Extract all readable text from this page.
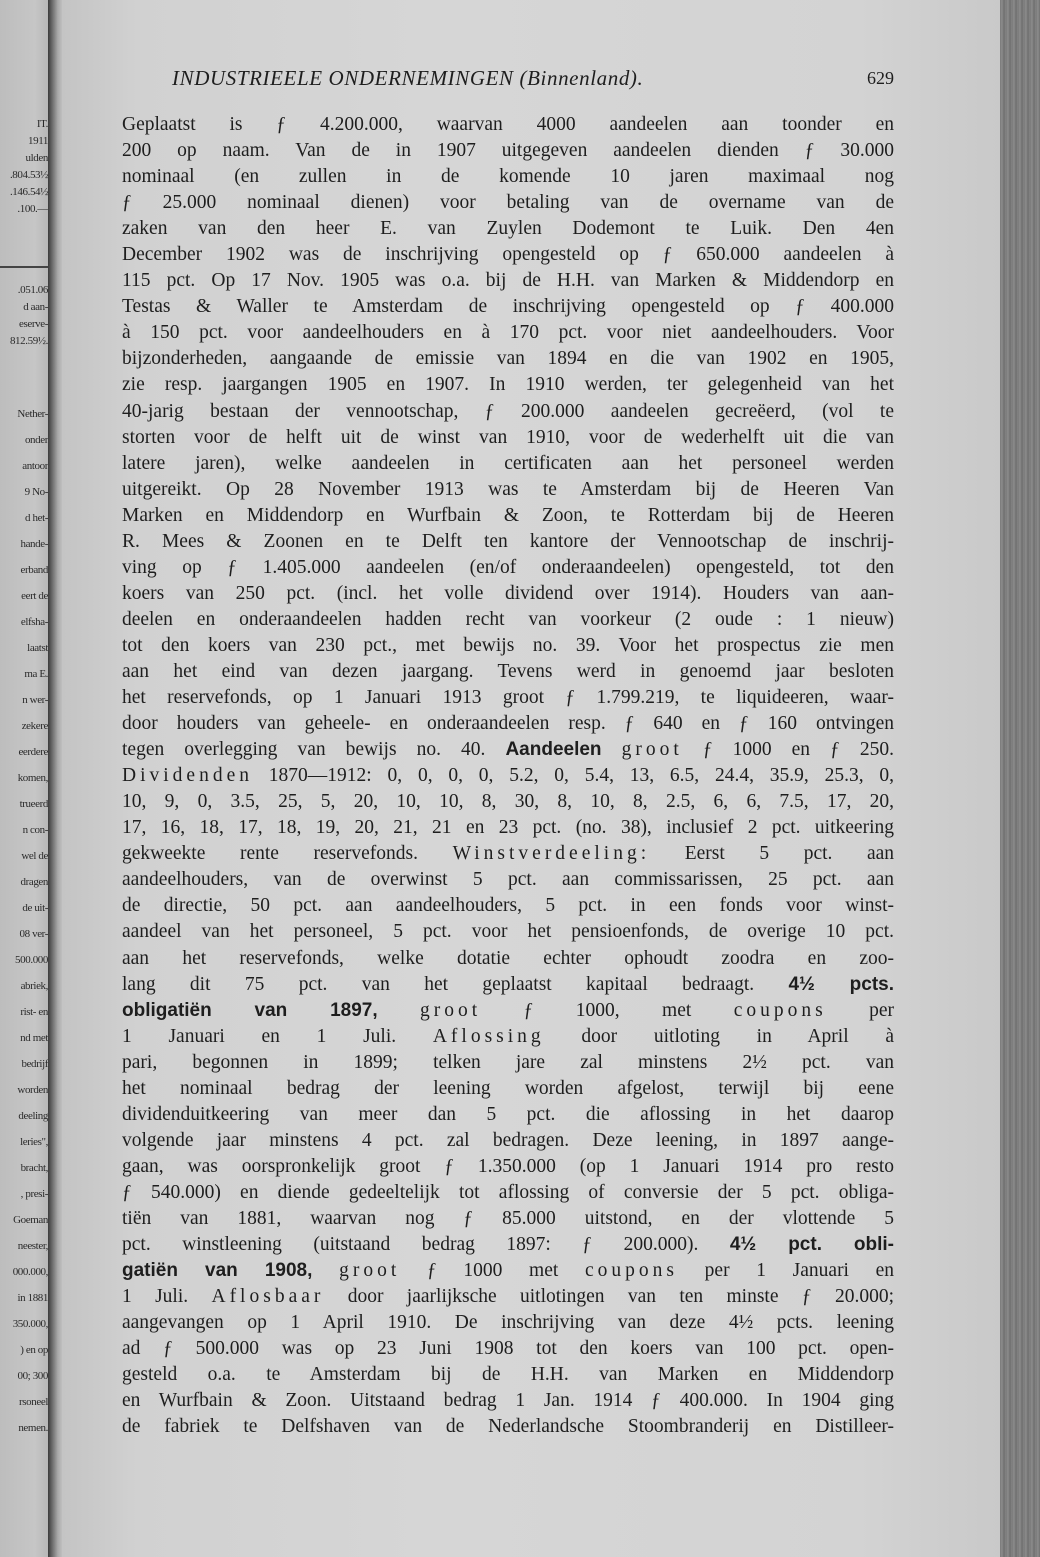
IT.
1911
ulden
.804.53½
.146.54½
.100.—
.051.06
d aan-
eserve-
812.59½.
Nether-
onder
antoor
9 No-
d het-
hande-
erband
eert de
elfsha-
laatst
ma E.
n wer-
zekere
eerdere
komen,
trueerd
n con-
wel de
dragen
de uit-
08 ver-
500.000
abriek,
rist- en
nd met
bedrijf
worden
deeling
leries",
bracht,
, presi-
Goeman
neester,
000.000,
in 1881
350.000,
) en op
00; 300
rsoneel
nemen.
INDUSTRIEELE ONDERNEMINGEN (Binnenland).	629
Geplaatst is ƒ 4.200.000, waarvan 4000 aandeelen aan toonder en
200 op naam. Van de in 1907 uitgegeven aandeelen dienden ƒ 30.000
nominaal (en zullen in de komende 10 jaren maximaal nog
ƒ 25.000 nominaal dienen) voor betaling van de overname van de
zaken van den heer E. van Zuylen Dodemont te Luik. Den 4en
December 1902 was de inschrijving opengesteld op ƒ 650.000 aandeelen à
115 pct. Op 17 Nov. 1905 was o.a. bij de H.H. van Marken & Middendorp en
Testas & Waller te Amsterdam de inschrijving opengesteld op ƒ 400.000
à 150 pct. voor aandeelhouders en à 170 pct. voor niet aandeelhouders. Voor
bijzonderheden, aangaande de emissie van 1894 en die van 1902 en 1905,
zie resp. jaargangen 1905 en 1907. In 1910 werden, ter gelegenheid van het
40-jarig bestaan der vennootschap, ƒ 200.000 aandeelen gecreëerd, (vol te
storten voor de helft uit de winst van 1910, voor de wederhelft uit die van
latere jaren), welke aandeelen in certificaten aan het personeel werden
uitgereikt. Op 28 November 1913 was te Amsterdam bij de Heeren Van
Marken en Middendorp en Wurfbain & Zoon, te Rotterdam bij de Heeren
R. Mees & Zoonen en te Delft ten kantore der Vennootschap de inschrij-
ving op ƒ 1.405.000 aandeelen (en/of onderaandeelen) opengesteld, tot den
koers van 250 pct. (incl. het volle dividend over 1914). Houders van aan-
deelen en onderaandeelen hadden recht van voorkeur (2 oude : 1 nieuw)
tot den koers van 230 pct., met bewijs no. 39. Voor het prospectus zie men
aan het eind van dezen jaargang. Tevens werd in genoemd jaar besloten
het reservefonds, op 1 Januari 1913 groot ƒ 1.799.219, te liquideeren, waar-
door houders van geheele- en onderaandeelen resp. ƒ 640 en ƒ 160 ontvingen
tegen overlegging van bewijs no. 40. Aandeelen groot ƒ 1000 en ƒ 250.
Dividenden 1870—1912: 0, 0, 0, 0, 5.2, 0, 5.4, 13, 6.5, 24.4, 35.9, 25.3, 0,
10, 9, 0, 3.5, 25, 5, 20, 10, 10, 8, 30, 8, 10, 8, 2.5, 6, 6, 7.5, 17, 20,
17, 16, 18, 17, 18, 19, 20, 21, 21 en 23 pct. (no. 38), inclusief 2 pct. uitkeering
gekweekte rente reservefonds. Winstverdeeling: Eerst 5 pct. aan
aandeelhouders, van de overwinst 5 pct. aan commissarissen, 25 pct. aan
de directie, 50 pct. aan aandeelhouders, 5 pct. in een fonds voor winst-
aandeel van het personeel, 5 pct. voor het pensioenfonds, de overige 10 pct.
aan het reservefonds, welke dotatie echter ophoudt zoodra en zoo-
lang dit 75 pct. van het geplaatst kapitaal bedraagt. 4½ pcts.
obligatiën van 1897, groot ƒ 1000, met coupons per
1 Januari en 1 Juli. Aflossing door uitloting in April à
pari, begonnen in 1899; telken jare zal minstens 2½ pct. van
het nominaal bedrag der leening worden afgelost, terwijl bij eene
dividenduitkeering van meer dan 5 pct. die aflossing in het daarop
volgende jaar minstens 4 pct. zal bedragen. Deze leening, in 1897 aange-
gaan, was oorspronkelijk groot ƒ 1.350.000 (op 1 Januari 1914 pro resto
ƒ 540.000) en diende gedeeltelijk tot aflossing of conversie der 5 pct. obliga-
tiën van 1881, waarvan nog ƒ 85.000 uitstond, en der vlottende 5
pct. winstleening (uitstaand bedrag 1897: ƒ 200.000). 4½ pct. obli-
gatiën van 1908, groot ƒ 1000 met coupons per 1 Januari en
1 Juli. Aflosbaar door jaarlijksche uitlotingen van ten minste ƒ 20.000;
aangevangen op 1 April 1910. De inschrijving van deze 4½ pcts. leening
ad ƒ 500.000 was op 23 Juni 1908 tot den koers van 100 pct. open-
gesteld o.a. te Amsterdam bij de H.H. van Marken en Middendorp
en Wurfbain & Zoon. Uitstaand bedrag 1 Jan. 1914 ƒ 400.000. In 1904 ging
de fabriek te Delfshaven van de Nederlandsche Stoombranderij en Distilleer-
